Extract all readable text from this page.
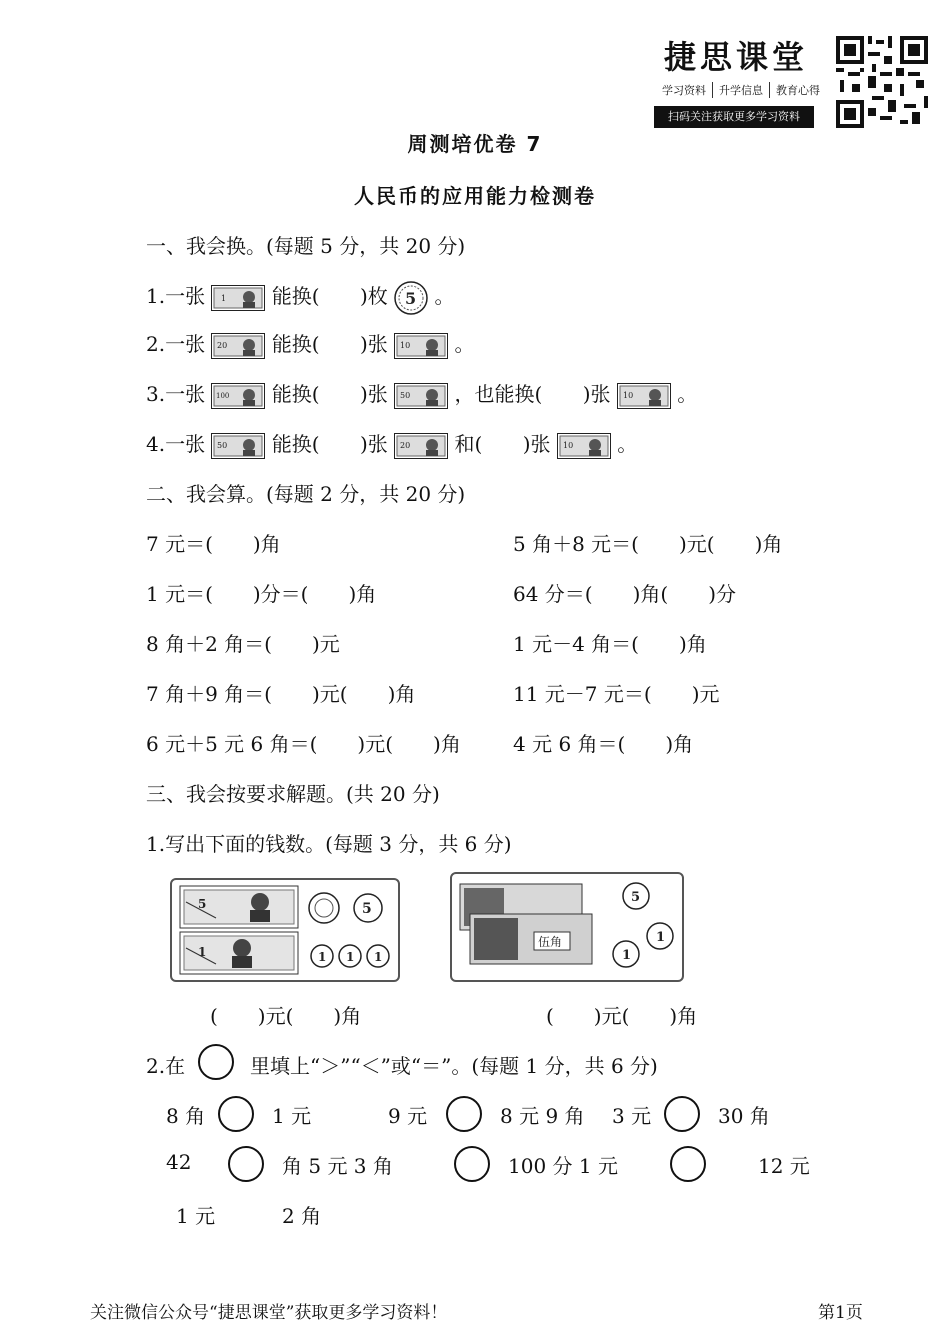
捷思课堂
学习资料	升学信息	教育心得
扫码关注获取更多学习资料
周测培优卷 7
人民币的应用能力检测卷
一、我会换。(每题 5 分，共 20 分)
1.一张 1 能换( )枚 5 。
2.一张 20 能换( )张 10 。
3.一张 100 能换( )张 50 ，也能换( )张 10 。
4.一张 50 能换( )张 20 和( )张 10 。
二、我会算。(每题 2 分，共 20 分)
7 元＝(　　)角	5 角＋8 元＝(　　)元(　　)角
1 元＝(　　)分＝(　　)角	64 分＝(　　)角(　　)分
8 角＋2 角＝(　　)元	1 元－4 角＝(　　)角
7 角＋9 角＝(　　)元(　　)角	11 元－7 元＝(　　)元
6 元＋5 元 6 角＝(　　)元(　　)角	4 元 6 角＝(　　)角
三、我会按要求解题。(共 20 分)
1.写出下面的钱数。(每题 3 分，共 6 分)
5
1
5
1 1 1
(　　)元(　　)角
伍角
5
1
1
(　　)元(　　)角
2.在	里填上“＞”“＜”或“＝”。(每题 1 分，共 6 分)
8 角	1 元	9 元	8 元 9 角 3 元	30 角
42	角 5 元 3 角	100 分 1 元	12 元
1 元	2 角
关注微信公众号“捷思课堂”获取更多学习资料！	第1页
